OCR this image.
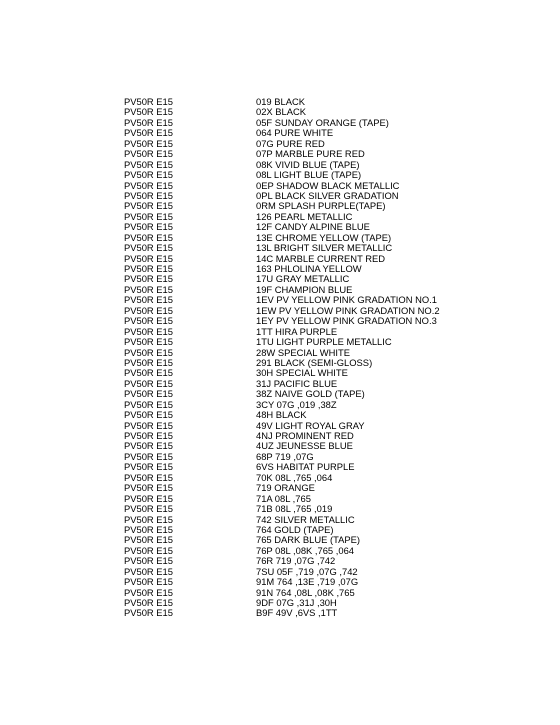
PV50R E15	019 BLACK
PV50R E15	02X BLACK
PV50R E15	05F SUNDAY ORANGE (TAPE)
PV50R E15	064 PURE WHITE
PV50R E15	07G PURE RED
PV50R E15	07P MARBLE PURE RED
PV50R E15	08K VIVID BLUE (TAPE)
PV50R E15	08L LIGHT BLUE (TAPE)
PV50R E15	0EP SHADOW BLACK METALLIC
PV50R E15	0PL BLACK SILVER GRADATION
PV50R E15	0RM SPLASH PURPLE(TAPE)
PV50R E15	126 PEARL METALLIC
PV50R E15	12F CANDY ALPINE BLUE
PV50R E15	13E CHROME YELLOW (TAPE)
PV50R E15	13L BRIGHT SILVER METALLIC
PV50R E15	14C MARBLE CURRENT RED
PV50R E15	163 PHLOLINA YELLOW
PV50R E15	17U GRAY METALLIC
PV50R E15	19F CHAMPION BLUE
PV50R E15	1EV PV YELLOW PINK GRADATION NO.1
PV50R E15	1EW PV YELLOW PINK GRADATION NO.2
PV50R E15	1EY PV YELLOW PINK GRADATION NO.3
PV50R E15	1TT HIRA PURPLE
PV50R E15	1TU LIGHT PURPLE METALLIC
PV50R E15	28W SPECIAL WHITE
PV50R E15	291 BLACK (SEMI-GLOSS)
PV50R E15	30H SPECIAL WHITE
PV50R E15	31J PACIFIC BLUE
PV50R E15	38Z NAIVE GOLD (TAPE)
PV50R E15	3CY 07G ,019 ,38Z
PV50R E15	48H BLACK
PV50R E15	49V LIGHT ROYAL GRAY
PV50R E15	4NJ PROMINENT RED
PV50R E15	4UZ JEUNESSE BLUE
PV50R E15	68P 719 ,07G
PV50R E15	6VS HABITAT PURPLE
PV50R E15	70K 08L ,765 ,064
PV50R E15	719 ORANGE
PV50R E15	71A 08L ,765
PV50R E15	71B 08L ,765 ,019
PV50R E15	742 SILVER METALLIC
PV50R E15	764 GOLD (TAPE)
PV50R E15	765 DARK BLUE (TAPE)
PV50R E15	76P 08L ,08K ,765 ,064
PV50R E15	76R 719 ,07G ,742
PV50R E15	7SU 05F ,719 ,07G ,742
PV50R E15	91M 764 ,13E ,719 ,07G
PV50R E15	91N 764 ,08L ,08K ,765
PV50R E15	9DF 07G ,31J ,30H
PV50R E15	B9F 49V ,6VS ,1TT
